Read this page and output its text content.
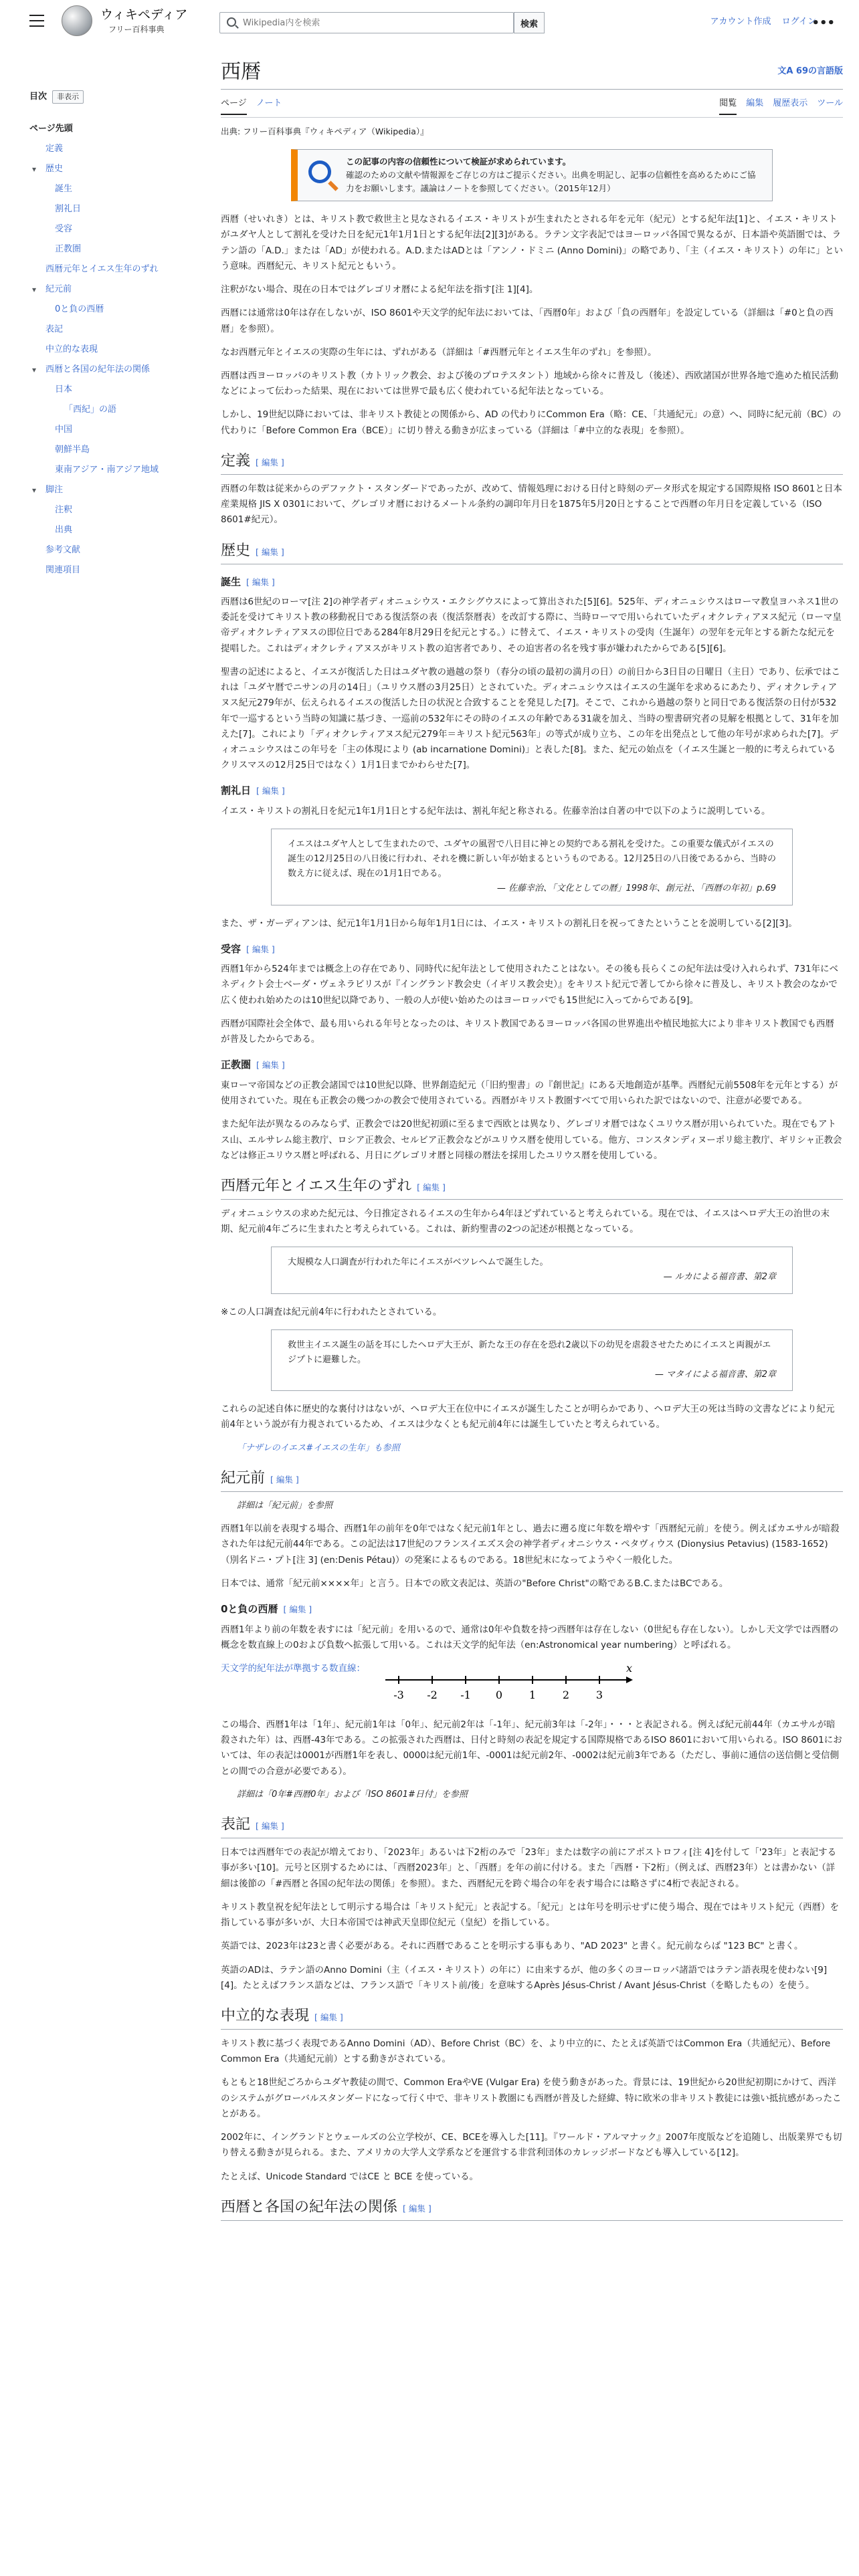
ウィキペディア
フリー百科事典
Wikipedia内を検索
検索	アカウント作成 ログイン
•••
目次	非表示
ページ先頭
定義
▾ 歴史
誕生
割礼日
受容
正教圏
西暦元年とイエス生年のずれ
▾ 紀元前
0と負の西暦
表記
中立的な表現
▾ 西暦と各国の紀年法の関係
日本
「西紀」の語
中国
朝鮮半島
東南アジア・南アジア地域
▾ 脚注
注釈
出典
参考文献
関連項目
西暦	文A 69の言語版
ページ ノート	閲覧 編集 履歴表示 ツール
出典: フリー百科事典『ウィキペディア（Wikipedia）』
この記事の内容の信頼性について検証が求められています。
確認のための文献や情報源をご存じの方はご提示ください。出典を明記し、記事の信頼性を高めるためにご協力をお願いします。議論はノートを参照してください。（2015年12月）

西暦（せいれき）とは、キリスト教で救世主と見なされるイエス・キリストが生まれたとされる年を元年（紀元）とする紀年法[1]と、イエス・キリストがユダヤ人として割礼を受けた日を紀元1年1月1日とする紀年法[2][3]がある。ラテン文字表記ではヨーロッパ各国で異なるが、日本語や英語圏では、ラテン語の「A.D.」または「AD」が使われる。A.D.またはADとは「アンノ・ドミニ (Anno Domini)」の略であり、「主（イエス・キリスト）の年に」という意味。西暦紀元、キリスト紀元ともいう。

注釈がない場合、現在の日本ではグレゴリオ暦による紀年法を指す[注 1][4]。

西暦には通常は0年は存在しないが、ISO 8601や天文学的紀年法においては、「西暦0年」および「負の西暦年」を設定している（詳細は「#0と負の西暦」を参照）。

なお西暦元年とイエスの実際の生年には、ずれがある（詳細は「#西暦元年とイエス生年のずれ」を参照）。

西暦は西ヨーロッパのキリスト教（カトリック教会、および後のプロテスタント）地域から徐々に普及し（後述）、西欧諸国が世界各地で進めた植民活動などによって伝わった結果、現在においては世界で最も広く使われている紀年法となっている。

しかし、19世紀以降においては、非キリスト教徒との関係から、AD の代わりにCommon Era（略：CE、「共通紀元」の意）へ、同時に紀元前（BC）の代わりに「Before Common Era（BCE）」に切り替える動きが広まっている（詳細は「#中立的な表現」を参照）。

定義 [ 編集 ]

西暦の年数は従来からのデファクト・スタンダードであったが、改めて、情報処理における日付と時刻のデータ形式を規定する国際規格 ISO 8601と日本産業規格 JIS X 0301において、グレゴリオ暦におけるメートル条約の調印年月日を1875年5月20日とすることで西暦の年月日を定義している（ISO 8601#紀元）。

歴史 [ 編集 ]
誕生 [ 編集 ]

西暦は6世紀のローマ[注 2]の神学者ディオニュシウス・エクシグウスによって算出された[5][6]。525年、ディオニュシウスはローマ教皇ヨハネス1世の委託を受けてキリスト教の移動祝日である復活祭の表（復活祭暦表）を改訂する際に、当時ローマで用いられていたディオクレティアヌス紀元（ローマ皇帝ディオクレティアヌスの即位日である284年8月29日を紀元とする。）に替えて、イエス・キリストの受肉（生誕年）の翌年を元年とする新たな紀元を提唱した。これはディオクレティアヌスがキリスト教の迫害者であり、その迫害者の名を残す事が嫌われたからである[5][6]。

聖書の記述によると、イエスが復活した日はユダヤ教の過越の祭り（春分の頃の最初の満月の日）の前日から3日目の日曜日（主日）であり、伝承ではこれは「ユダヤ暦でニサンの月の14日」（ユリウス暦の3月25日）とされていた。ディオニュシウスはイエスの生誕年を求めるにあたり、ディオクレティアヌス紀元279年が、伝えられるイエスの復活した日の状況と合致することを発見した[7]。そこで、これから過越の祭りと同日である復活祭の日付が532年で一巡するという当時の知識に基づき、一巡前の532年にその時のイエスの年齢である31歳を加え、当時の聖書研究者の見解を根拠として、31年を加えた[7]。これにより「ディオクレティアヌス紀元279年＝キリスト紀元563年」の等式が成り立ち、この年を出発点として他の年号が求められた[7]。ディオニュシウスはこの年号を「主の体現により (ab incarnatione Domini)」と表した[8]。また、紀元の始点を（イエス生誕と一般的に考えられているクリスマスの12月25日ではなく）1月1日までかわらせた[7]。

割礼日 [ 編集 ]

イエス・キリストの割礼日を紀元1年1月1日とする紀年法は、割礼年紀と称される。佐藤幸治は自著の中で以下のように説明している。

イエスはユダヤ人として生まれたので、ユダヤの風習で八日目に神との契約である割礼を受けた。この重要な儀式がイエスの誕生の12月25日の八日後に行われ、それを機に新しい年が始まるというものである。12月25日の八日後であるから、当時の数え方に従えば、現在の1月1日である。
— 佐藤幸治、「文化としての暦」1998年、創元社、「西暦の年初」p.69

また、ザ・ガーディアンは、紀元1年1月1日から毎年1月1日には、イエス・キリストの割礼日を祝ってきたということを説明している[2][3]。

受容 [ 編集 ]

西暦1年から524年までは概念上の存在であり、同時代に紀年法として使用されたことはない。その後も長らくこの紀年法は受け入れられず、731年にベネディクト会士ベーダ・ヴェネラビリスが『イングランド教会史（イギリス教会史）』をキリスト紀元で著してから徐々に普及し、キリスト教会のなかで広く使われ始めたのは10世紀以降であり、一般の人が使い始めたのはヨーロッパでも15世紀に入ってからである[9]。

西暦が国際社会全体で、最も用いられる年号となったのは、キリスト教国であるヨーロッパ各国の世界進出や植民地拡大により非キリスト教国でも西暦が普及したからである。

正教圏 [ 編集 ]

東ローマ帝国などの正教会諸国では10世紀以降、世界創造紀元（「旧約聖書」の『創世記』にある天地創造が基準。西暦紀元前5508年を元年とする）が使用されていた。現在も正教会の幾つかの教会で使用されている。西暦がキリスト教圏すべてで用いられた訳ではないので、注意が必要である。

また紀年法が異なるのみならず、正教会では20世紀初頭に至るまで西欧とは異なり、グレゴリオ暦ではなくユリウス暦が用いられていた。現在でもアトス山、エルサレム総主教庁、ロシア正教会、セルビア正教会などがユリウス暦を使用している。他方、コンスタンディヌーポリ総主教庁、ギリシャ正教会などは修正ユリウス暦と呼ばれる、月日にグレゴリオ暦と同様の暦法を採用したユリウス暦を使用している。

西暦元年とイエス生年のずれ [ 編集 ]

ディオニュシウスの求めた紀元は、今日推定されるイエスの生年から4年ほどずれていると考えられている。現在では、イエスはヘロデ大王の治世の末期、紀元前4年ごろに生まれたと考えられている。これは、新約聖書の2つの記述が根拠となっている。

大規模な人口調査が行われた年にイエスがベツレヘムで誕生した。
— ルカによる福音書、第2章

※この人口調査は紀元前4年に行われたとされている。

救世主イエス誕生の話を耳にしたヘロデ大王が、新たな王の存在を恐れ2歳以下の幼児を虐殺させたためにイエスと両親がエジプトに避難した。
— マタイによる福音書、第2章

これらの記述自体に歴史的な裏付けはないが、ヘロデ大王在位中にイエスが誕生したことが明らかであり、ヘロデ大王の死は当時の文書などにより紀元前4年という説が有力視されているため、イエスは少なくとも紀元前4年には誕生していたと考えられている。

「ナザレのイエス#イエスの生年」も参照

紀元前 [ 編集 ]

詳細は「紀元前」を参照

西暦1年以前を表現する場合、西暦1年の前年を0年ではなく紀元前1年とし、過去に遡る度に年数を増やす「西暦紀元前」を使う。例えばカエサルが暗殺された年は紀元前44年である。この記法は17世紀のフランスイエズス会の神学者ディオニシウス・ペタヴィウス (Dionysius Petavius) (1583-1652)（別名ドニ・プト[注 3] (en:Denis Pétau)）の発案によるものである。18世紀末になってようやく一般化した。

日本では、通常「紀元前××××年」と言う。日本での欧文表記は、英語の"Before Christ"の略であるB.C.またはBCである。

0と負の西暦 [ 編集 ]

西暦1年より前の年数を表すには「紀元前」を用いるので、通常は0年や負数を持つ西暦年は存在しない（0世紀も存在しない）。しかし天文学では西暦の概念を数直線上の0および負数へ拡張して用いる。これは天文学的紀年法（en:Astronomical year numbering）と呼ばれる。

天文学的紀年法が準拠する数直線：	x
-3 -2 -1 0 1 2 3

この場合、西暦1年は「1年」、紀元前1年は「0年」、紀元前2年は「-1年」、紀元前3年は「-2年」・・・と表記される。例えば紀元前44年（カエサルが暗殺された年）は、西暦-43年である。この拡張された西暦は、日付と時刻の表記を規定する国際規格であるISO 8601において用いられる。ISO 8601においては、年の表記は0001が西暦1年を表し、0000は紀元前1年、-0001は紀元前2年、-0002は紀元前3年である（ただし、事前に通信の送信側と受信側との間での合意が必要である）。

詳細は「0年#西暦0年」および「ISO 8601#日付」を参照

表記 [ 編集 ]

日本では西暦年での表記が増えており、「2023年」あるいは下2桁のみで「23年」または数字の前にアポストロフィ[注 4]を付して「'23年」と表記する事が多い[10]。元号と区別するためには、「西暦2023年」と、「西暦」を年の前に付ける。また「西暦・下2桁」（例えば、西暦23年）とは書かない（詳細は後節の「#西暦と各国の紀年法の関係」を参照）。また、西暦紀元を跨ぐ場合の年を表す場合には略さずに4桁で表記される。

キリスト教皇祝を紀年法として明示する場合は「キリスト紀元」と表記する。「紀元」とは年号を明示せずに使う場合、現在ではキリスト紀元（西暦）を指している事が多いが、大日本帝国では神武天皇即位紀元（皇紀）を指している。

英語では、2023年は23と書く必要がある。それに西暦であることを明示する事もあり、"AD 2023" と書く。紀元前ならば "123 BC" と書く。

英語のADは、ラテン語のAnno Domini（主（イエス・キリスト）の年に）に由来するが、他の多くのヨーロッパ諸語ではラテン語表現を使わない[9][4]。たとえばフランス語などは、フランス語で「キリスト前/後」を意味するAprès Jésus-Christ / Avant Jésus-Christ（を略したもの）を使う。

中立的な表現 [ 編集 ]

キリスト教に基づく表現であるAnno Domini（AD）、Before Christ（BC）を、より中立的に、たとえば英語ではCommon Era（共通紀元）、Before Common Era（共通紀元前）とする動きがされている。

もともと18世紀ごろからユダヤ教徒の間で、Common EraやVE (Vulgar Era) を使う動きがあった。背景には、19世紀から20世紀初期にかけて、西洋のシステムがグローバルスタンダードになって行く中で、非キリスト教圏にも西暦が普及した経緯、特に欧米の非キリスト教徒には強い抵抗感があったことがある。

2002年に、イングランドとウェールズの公立学校が、CE、BCEを導入した[11]。『ワールド・アルマナック』2007年度版などを追随し、出版業界でも切り替える動きが見られる。また、アメリカの大学人文学系などを運営する非営利団体のカレッジボードなども導入している[12]。

たとえば、Unicode Standard ではCE と BCE を使っている。

西暦と各国の紀年法の関係 [ 編集 ]
